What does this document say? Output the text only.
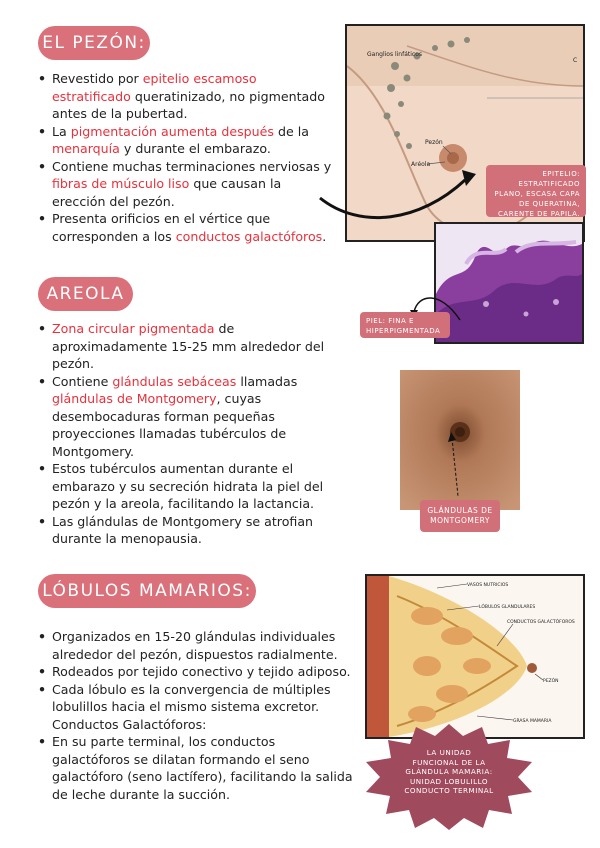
EL PEZÓN:
• Revestido por epitelio escamoso estratificado queratinizado, no pigmentado antes de la pubertad.
• La pigmentación aumenta después de la menarquía y durante el embarazo.
• Contiene muchas terminaciones nerviosas y fibras de músculo liso que causan la erección del pezón.
• Presenta orificios en el vértice que corresponden a los conductos galactóforos.
AREOLA
• Zona circular pigmentada de aproximadamente 15-25 mm alrededor del pezón.
• Contiene glándulas sebáceas llamadas glándulas de Montgomery, cuyas desembocaduras forman pequeñas proyecciones llamadas tubérculos de Montgomery.
• Estos tubérculos aumentan durante el embarazo y su secreción hidrata la piel del pezón y la areola, facilitando la lactancia.
• Las glándulas de Montgomery se atrofian durante la menopausia.
LÓBULOS MAMARIOS:
• Organizados en 15-20 glándulas individuales alrededor del pezón, dispuestos radialmente.
• Rodeados por tejido conectivo y tejido adiposo.
• Cada lóbulo es la convergencia de múltiples lobulillos hacia el mismo sistema excretor. Conductos Galactóforos:
• En su parte terminal, los conductos galactóforos se dilatan formando el seno galactóforo (seno lactífero), facilitando la salida de leche durante la succión.
Ganglios linfáticos
C
Pezón
Aréola
EPITELIO: ESTRATIFICADO PLANO, ESCASA CAPA DE QUERATINA, CARENTE DE PAPILA.
PIEL: FINA E HIPERPIGMENTADA
GLÁNDULAS DE MONTGOMERY
VASOS NUTRICIOS
LÓBULOS GLANDULARES
CONDUCTOS GALACTÓFOROS
PEZÓN
GRASA MAMARIA
LA UNIDAD FUNCIONAL DE LA GLÁNDULA MAMARIA: UNIDAD LOBULILLO CONDUCTO TERMINAL
